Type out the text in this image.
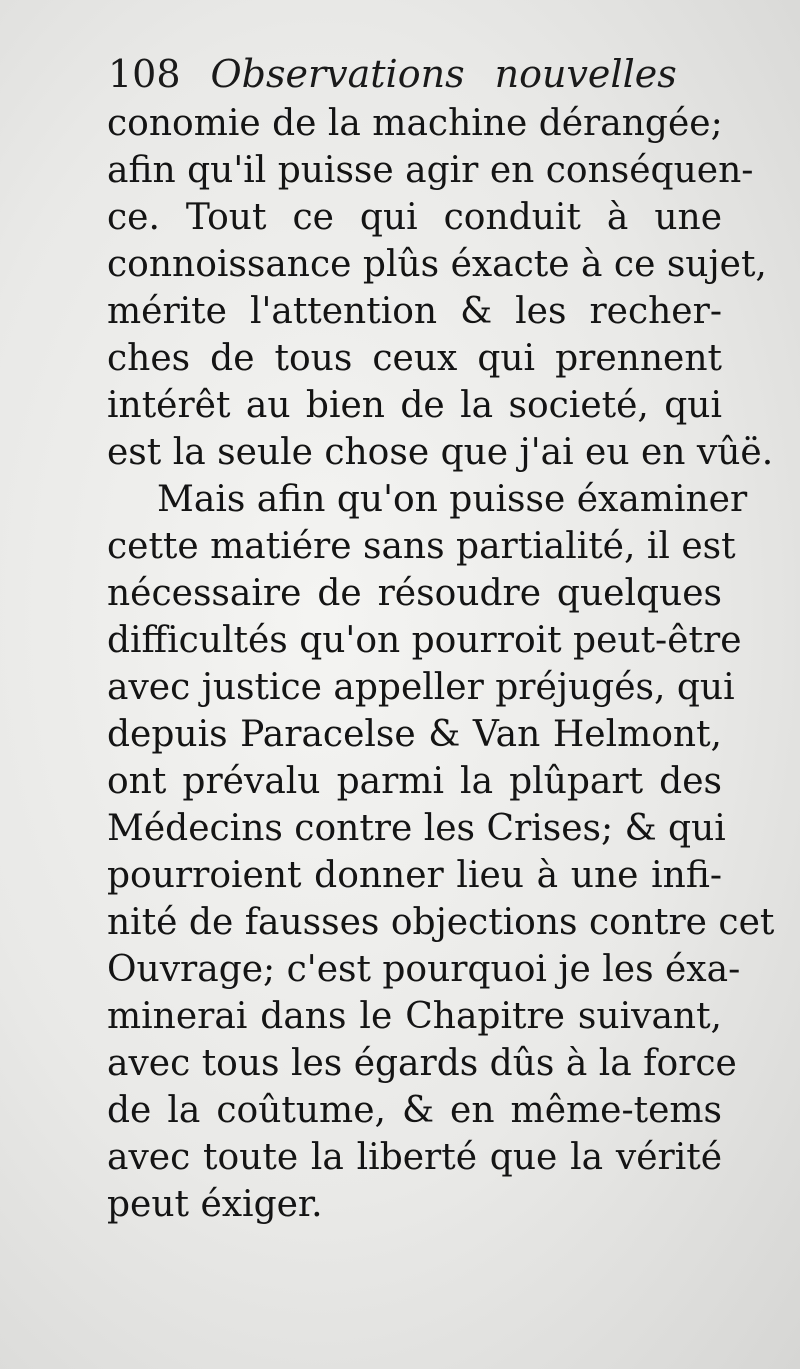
108 Observations nouvelles
conomie de la machine dérangée;
afin qu'il puisse agir en conséquen-
ce. Tout ce qui conduit à une
connoissance plûs éxacte à ce sujet,
mérite l'attention & les recher-
ches de tous ceux qui prennent
intérêt au bien de la societé, qui
est la seule chose que j'ai eu en vûë.
Mais afin qu'on puisse éxaminer
cette matiére sans partialité, il est
nécessaire de résoudre quelques
difficultés qu'on pourroit peut-être
avec justice appeller préjugés, qui
depuis Paracelse & Van Helmont,
ont prévalu parmi la plûpart des
Médecins contre les Crises; & qui
pourroient donner lieu à une infi-
nité de fausses objections contre cet
Ouvrage; c'est pourquoi je les éxa-
minerai dans le Chapitre suivant,
avec tous les égards dûs à la force
de la coûtume, & en même-tems
avec toute la liberté que la vérité
peut éxiger.
